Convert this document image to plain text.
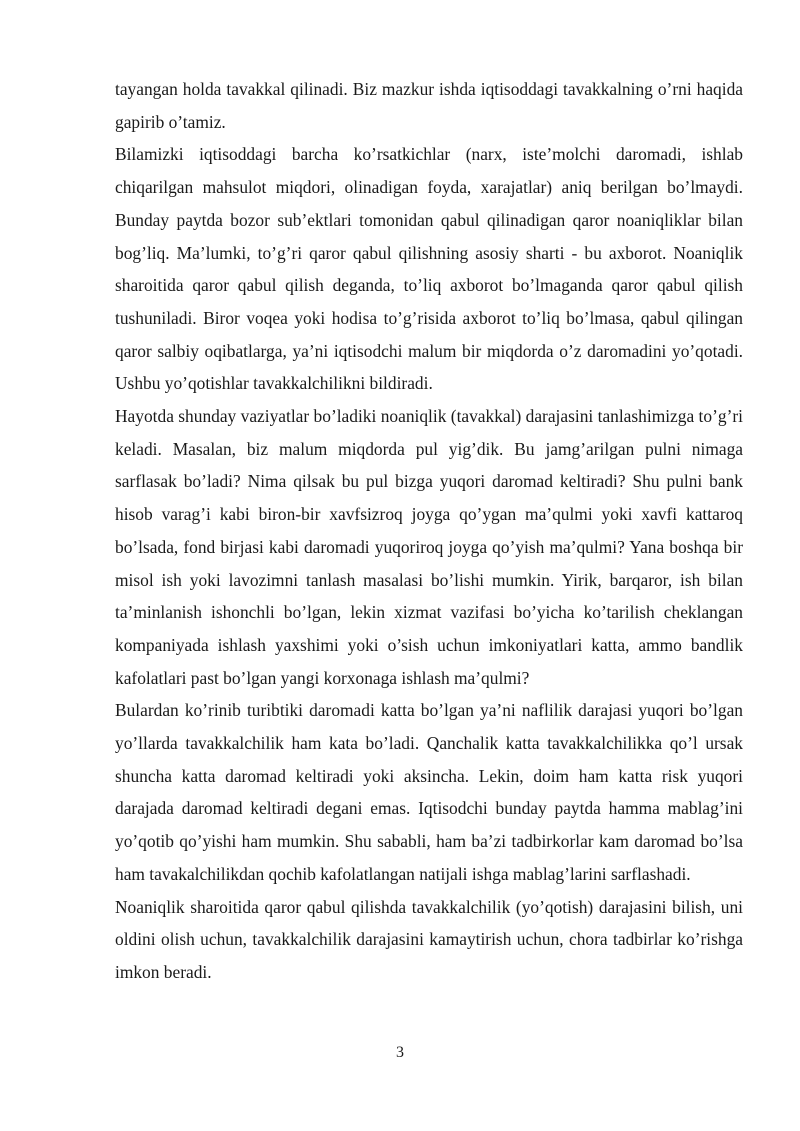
tayangan holda tavakkal qilinadi. Biz mazkur ishda iqtisoddagi tavakkalning o’rni haqida gapirib o’tamiz.

Bilamizki iqtisoddagi barcha ko’rsatkichlar (narx, iste’molchi daromadi, ishlab chiqarilgan mahsulot miqdori, olinadigan foyda, xarajatlar) aniq berilgan bo’lmaydi. Bunday paytda bozor sub’ektlari tomonidan qabul qilinadigan qaror noaniqliklar bilan bog’liq. Ma’lumki, to’g’ri qaror qabul qilishning asosiy sharti - bu axborot. Noaniqlik sharoitida qaror qabul qilish deganda, to’liq axborot bo’lmaganda qaror qabul qilish tushuniladi. Biror voqea yoki hodisa to’g’risida axborot to’liq bo’lmasa, qabul qilingan qaror salbiy oqibatlarga, ya’ni iqtisodchi malum bir miqdorda o’z daromadini yo’qotadi. Ushbu yo’qotishlar tavakkalchilikni bildiradi.

Hayotda shunday vaziyatlar bo’ladiki noaniqlik (tavakkal) darajasini tanlashimizga to’g’ri keladi. Masalan, biz malum miqdorda pul yig’dik. Bu jamg’arilgan pulni nimaga sarflasak bo’ladi? Nima qilsak bu pul bizga yuqori daromad keltiradi? Shu pulni bank hisob varag’i kabi biron-bir xavfsizroq joyga qo’ygan ma’qulmi yoki xavfi kattaroq bo’lsada, fond birjasi kabi daromadi yuqoriroq joyga qo’yish ma’qulmi? Yana boshqa bir misol ish yoki lavozimni tanlash masalasi bo’lishi mumkin. Yirik, barqaror, ish bilan ta’minlanish ishonchli bo’lgan, lekin xizmat vazifasi bo’yicha ko’tarilish cheklangan kompaniyada ishlash yaxshimi yoki o’sish uchun imkoniyatlari katta, ammo bandlik kafolatlari past bo’lgan yangi korxonaga ishlash ma’qulmi?

Bulardan ko’rinib turibtiki daromadi katta bo’lgan ya’ni naflilik darajasi yuqori bo’lgan yo’llarda tavakkalchilik ham kata bo’ladi. Qanchalik katta tavakkalchilikka qo’l ursak shuncha katta daromad keltiradi yoki aksincha. Lekin, doim ham katta risk yuqori darajada daromad keltiradi degani emas. Iqtisodchi bunday paytda hamma mablag’ini yo’qotib qo’yishi ham mumkin. Shu sababli, ham ba’zi tadbirkorlar kam daromad bo’lsa ham tavakalchilikdan qochib kafolatlangan natijali ishga mablag’larini sarflashadi.

Noaniqlik sharoitida qaror qabul qilishda tavakkalchilik (yo’qotish) darajasini bilish, uni oldini olish uchun, tavakkalchilik darajasini kamaytirish uchun, chora tadbirlar ko’rishga imkon beradi.

3
